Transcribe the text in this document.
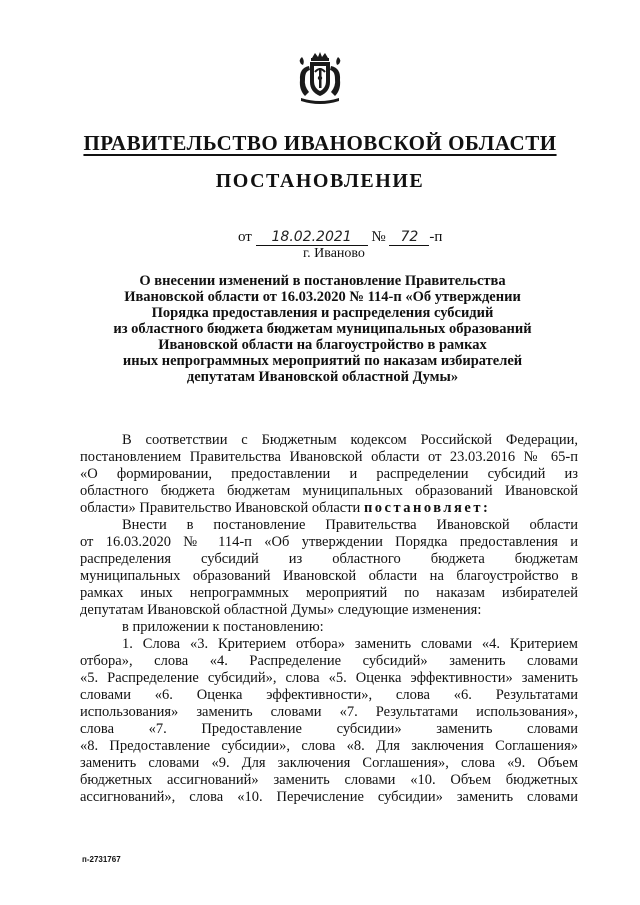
ПРАВИТЕЛЬСТВО ИВАНОВСКОЙ ОБЛАСТИ
ПОСТАНОВЛЕНИЕ
от 18.02.2021 № 72 -п
г. Иваново
О внесении изменений в постановление Правительства
Ивановской области от 16.03.2020 № 114-п «Об утверждении
Порядка предоставления и распределения субсидий
из областного бюджета бюджетам муниципальных образований
Ивановской области на благоустройство в рамках
иных непрограммных мероприятий по наказам избирателей
депутатам Ивановской областной Думы»
В соответствии с Бюджетным кодексом Российской Федерации,
постановлением Правительства Ивановской области от 23.03.2016 № 65-п
«О формировании, предоставлении и распределении субсидий из
областного бюджета бюджетам муниципальных образований Ивановской
области» Правительство Ивановской области постановляет:
Внести в постановление Правительства Ивановской области
от 16.03.2020 № 114-п «Об утверждении Порядка предоставления и
распределения субсидий из областного бюджета бюджетам
муниципальных образований Ивановской области на благоустройство в
рамках иных непрограммных мероприятий по наказам избирателей
депутатам Ивановской областной Думы» следующие изменения:
в приложении к постановлению:
1. Слова «3. Критерием отбора» заменить словами «4. Критерием
отбора», слова «4. Распределение субсидий» заменить словами
«5. Распределение субсидий», слова «5. Оценка эффективности» заменить
словами «6. Оценка эффективности», слова «6. Результатами
использования» заменить словами «7. Результатами использования»,
слова «7. Предоставление субсидии» заменить словами
«8. Предоставление субсидии», слова «8. Для заключения Соглашения»
заменить словами «9. Для заключения Соглашения», слова «9. Объем
бюджетных ассигнований» заменить словами «10. Объем бюджетных
ассигнований», слова «10. Перечисление субсидии» заменить словами
п-2731767
